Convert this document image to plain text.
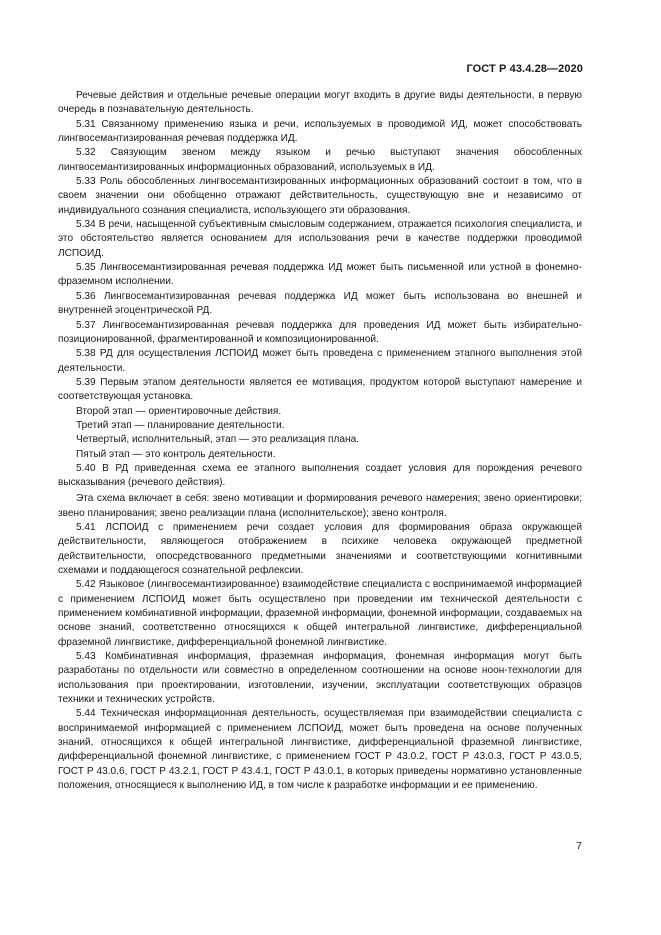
ГОСТ Р 43.4.28—2020

Речевые действия и отдельные речевые операции могут входить в другие виды деятельности, в первую очередь в познавательную деятельность.

5.31 Связанному применению языка и речи, используемых в проводимой ИД, может способствовать лингвосемантизированная речевая поддержка ИД.

5.32 Связующим звеном между языком и речью выступают значения обособленных лингвосемантизированных информационных образований, используемых в ИД.

5.33 Роль обособленных лингвосемантизированных информационных образований состоит в том, что в своем значении они обобщенно отражают действительность, существующую вне и независимо от индивидуального сознания специалиста, использующего эти образования.

5.34 В речи, насыщенной субъективным смысловым содержанием, отражается психология специалиста, и это обстоятельство является основанием для использования речи в качестве поддержки проводимой ЛСПОИД.

5.35 Лингвосемантизированная речевая поддержка ИД может быть письменной или устной в фонемно-фраземном исполнении.

5.36 Лингвосемантизированная речевая поддержка ИД может быть использована во внешней и внутренней эгоцентрической РД.

5.37 Лингвосемантизированная речевая поддержка для проведения ИД может быть избирательно-позиционированной, фрагментированной и композиционированной.

5.38 РД для осуществления ЛСПОИД может быть проведена с применением этапного выполнения этой деятельности.

5.39 Первым этапом деятельности является ее мотивация, продуктом которой выступают намерение и соответствующая установка.

Второй этап — ориентировочные действия.

Третий этап — планирование деятельности.

Четвертый, исполнительный, этап — это реализация плана.

Пятый этап — это контроль деятельности.

5.40 В РД приведенная схема ее этапного выполнения создает условия для порождения речевого высказывания (речевого действия).

Эта схема включает в себя: звено мотивации и формирования речевого намерения; звено ориентировки; звено планирования; звено реализации плана (исполнительское); звено контроля.

5.41 ЛСПОИД с применением речи создает условия для формирования образа окружающей действительности, являющегося отображением в психике человека окружающей предметной действительности, опосредствованного предметными значениями и соответствующими когнитивными схемами и поддающегося сознательной рефлексии.

5.42 Языковое (лингвосемантизированное) взаимодействие специалиста с воспринимаемой информацией с применением ЛСПОИД может быть осуществлено при проведении им технической деятельности с применением комбинативной информации, фраземной информации, фонемной информации, создаваемых на основе знаний, соответственно относящихся к общей интегральной лингвистике, дифференциальной фраземной лингвистике, дифференциальной фонемной лингвистике.

5.43 Комбинативная информация, фраземная информация, фонемная информация могут быть разработаны по отдельности или совместно в определенном соотношении на основе ноон-технологии для использования при проектировании, изготовлении, изучении, эксплуатации соответствующих образцов техники и технических устройств.

5.44 Техническая информационная деятельность, осуществляемая при взаимодействии специалиста с воспринимаемой информацией с применением ЛСПОИД, может быть проведена на основе полученных знаний, относящихся к общей интегральной лингвистике, дифференциальной фраземной лингвистике, дифференциальной фонемной лингвистике, с применением ГОСТ Р 43.0.2, ГОСТ Р 43.0.3, ГОСТ Р 43.0.5, ГОСТ Р 43.0.6, ГОСТ Р 43.2.1, ГОСТ Р 43.4.1, ГОСТ Р 43.0.1, в которых приведены нормативно установленные положения, относящиеся к выполнению ИД, в том числе к разработке информации и ее применению.

7
